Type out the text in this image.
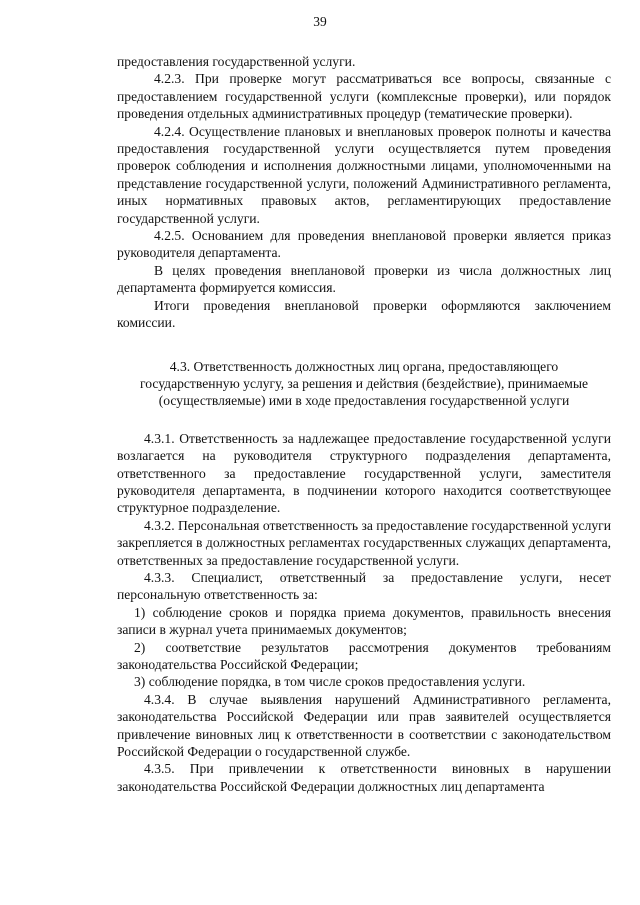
39

предоставления государственной услуги.

4.2.3. При проверке могут рассматриваться все вопросы, связанные с предоставлением государственной услуги (комплексные проверки), или порядок проведения отдельных административных процедур (тематические проверки).

4.2.4. Осуществление плановых и внеплановых проверок полноты и качества предоставления государственной услуги осуществляется путем проведения проверок соблюдения и исполнения должностными лицами, уполномоченными на представление государственной услуги, положений Административного регламента, иных нормативных правовых актов, регламентирующих предоставление государственной услуги.

4.2.5. Основанием для проведения внеплановой проверки является приказ руководителя департамента.

В целях проведения внеплановой проверки из числа должностных лиц департамента формируется комиссия.

Итоги проведения внеплановой проверки оформляются заключением комиссии.

4.3. Ответственность должностных лиц органа, предоставляющего
государственную услугу, за решения и действия (бездействие), принимаемые
(осуществляемые) ими в ходе предоставления государственной услуги

4.3.1. Ответственность за надлежащее предоставление государственной услуги возлагается на руководителя структурного подразделения департамента, ответственного за предоставление государственной услуги, заместителя руководителя департамента, в подчинении которого находится соответствующее структурное подразделение.

4.3.2. Персональная ответственность за предоставление государственной услуги закрепляется в должностных регламентах государственных служащих департамента, ответственных за предоставление государственной услуги.

4.3.3. Специалист, ответственный за предоставление услуги, несет персональную ответственность за:

1) соблюдение сроков и порядка приема документов, правильность внесения записи в журнал учета принимаемых документов;

2) соответствие результатов рассмотрения документов требованиям законодательства Российской Федерации;

3) соблюдение порядка, в том числе сроков предоставления услуги.

4.3.4. В случае выявления нарушений Административного регламента, законодательства Российской Федерации или прав заявителей осуществляется привлечение виновных лиц к ответственности в соответствии с законодательством Российской Федерации о государственной службе.

4.3.5. При привлечении к ответственности виновных в нарушении законодательства Российской Федерации должностных лиц департамента
